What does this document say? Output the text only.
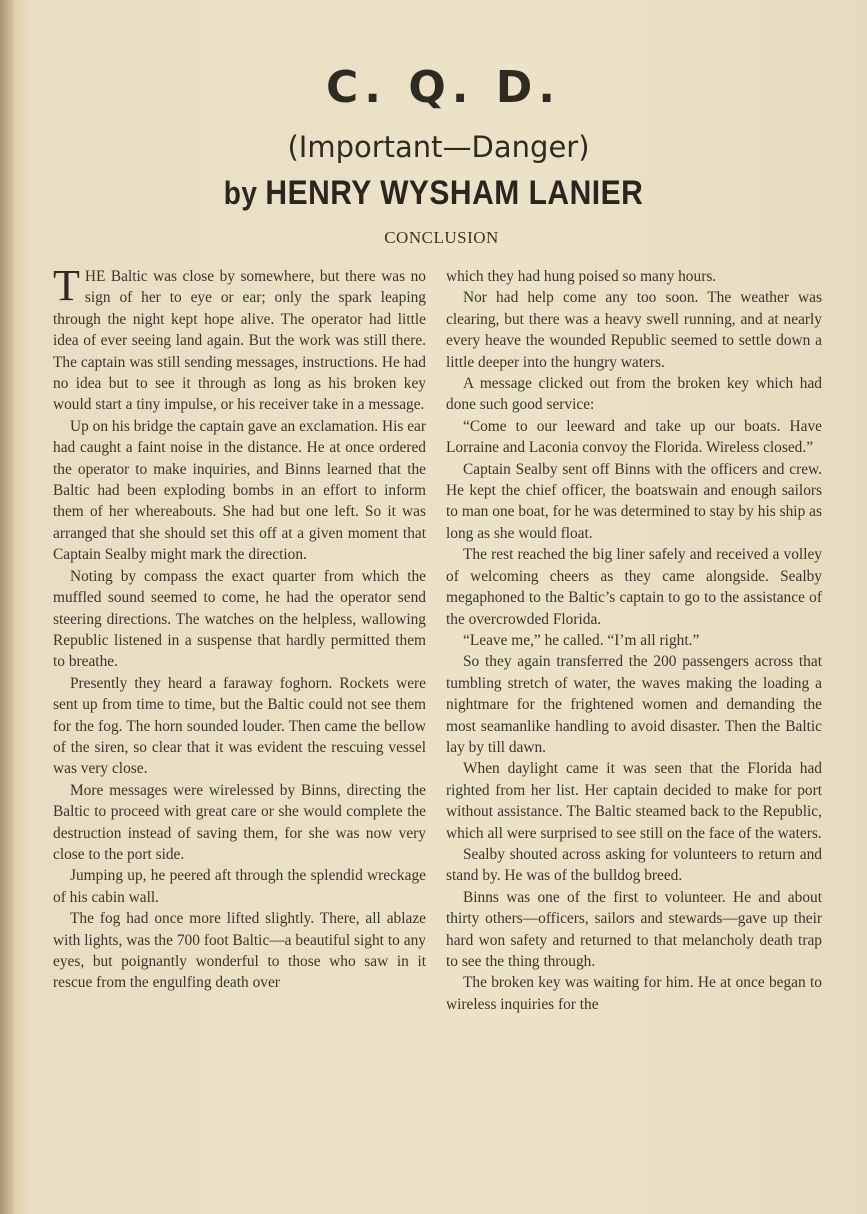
C. Q. D.
(Important—Danger)
by HENRY WYSHAM LANIER
CONCLUSION

THE Baltic was close by somewhere, but there was no sign of her to eye or ear; only the spark leaping through the night kept hope alive. The operator had little idea of ever seeing land again. But the work was still there. The captain was still sending messages, instructions. He had no idea but to see it through as long as his broken key would start a tiny impulse, or his receiver take in a message.

Up on his bridge the captain gave an exclamation. His ear had caught a faint noise in the distance. He at once ordered the operator to make inquiries, and Binns learned that the Baltic had been exploding bombs in an effort to inform them of her whereabouts. She had but one left. So it was arranged that she should set this off at a given moment that Captain Sealby might mark the direction.

Noting by compass the exact quarter from which the muffled sound seemed to come, he had the operator send steering directions. The watches on the helpless, wallowing Republic listened in a suspense that hardly permitted them to breathe.

Presently they heard a faraway foghorn. Rockets were sent up from time to time, but the Baltic could not see them for the fog. The horn sounded louder. Then came the bellow of the siren, so clear that it was evident the rescuing vessel was very close.

More messages were wirelessed by Binns, directing the Baltic to proceed with great care or she would complete the destruction instead of saving them, for she was now very close to the port side.

Jumping up, he peered aft through the splendid wreckage of his cabin wall.

The fog had once more lifted slightly. There, all ablaze with lights, was the 700 foot Baltic—a beautiful sight to any eyes, but poignantly wonderful to those who saw in it rescue from the engulfing death over

which they had hung poised so many hours.

Nor had help come any too soon. The weather was clearing, but there was a heavy swell running, and at nearly every heave the wounded Republic seemed to settle down a little deeper into the hungry waters.

A message clicked out from the broken key which had done such good service:

“Come to our leeward and take up our boats. Have Lorraine and Laconia convoy the Florida. Wireless closed.”

Captain Sealby sent off Binns with the officers and crew. He kept the chief officer, the boatswain and enough sailors to man one boat, for he was determined to stay by his ship as long as she would float.

The rest reached the big liner safely and received a volley of welcoming cheers as they came alongside. Sealby megaphoned to the Baltic’s captain to go to the assistance of the overcrowded Florida.

“Leave me,” he called. “I’m all right.”

So they again transferred the 200 passengers across that tumbling stretch of water, the waves making the loading a nightmare for the frightened women and demanding the most seamanlike handling to avoid disaster. Then the Baltic lay by till dawn.

When daylight came it was seen that the Florida had righted from her list. Her captain decided to make for port without assistance. The Baltic steamed back to the Republic, which all were surprised to see still on the face of the waters.

Sealby shouted across asking for volunteers to return and stand by. He was of the bulldog breed.

Binns was one of the first to volunteer. He and about thirty others—officers, sailors and stewards—gave up their hard won safety and returned to that melancholy death trap to see the thing through.

The broken key was waiting for him. He at once began to wireless inquiries for the
